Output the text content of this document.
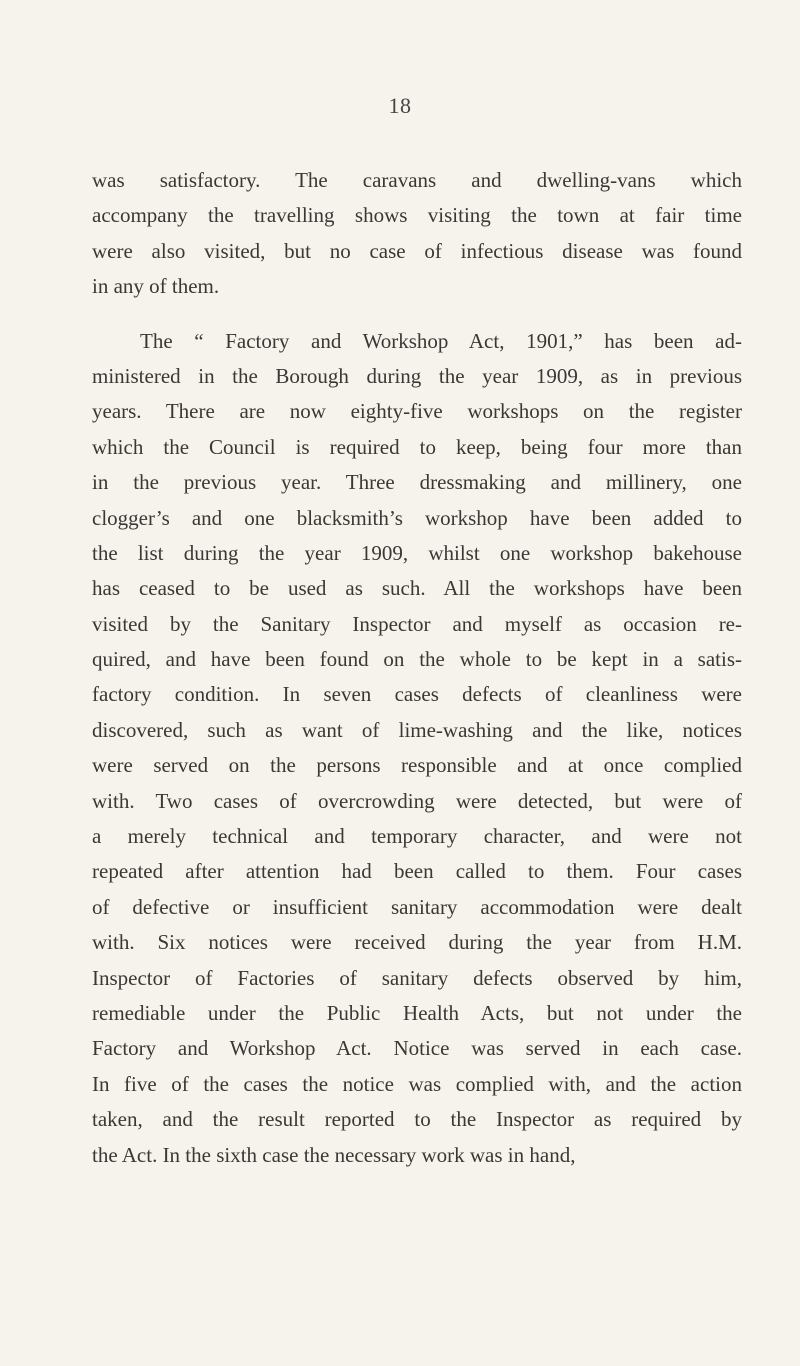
18
was satisfactory. The caravans and dwelling-vans which
accompany the travelling shows visiting the town at fair time
were also visited, but no case of infectious disease was found
in any of them.
The “ Factory and Workshop Act, 1901,” has been ad-
ministered in the Borough during the year 1909, as in previous
years. There are now eighty-five workshops on the register
which the Council is required to keep, being four more than
in the previous year. Three dressmaking and millinery, one
clogger’s and one blacksmith’s workshop have been added to
the list during the year 1909, whilst one workshop bakehouse
has ceased to be used as such. All the workshops have been
visited by the Sanitary Inspector and myself as occasion re-
quired, and have been found on the whole to be kept in a satis-
factory condition. In seven cases defects of cleanliness were
discovered, such as want of lime-washing and the like, notices
were served on the persons responsible and at once complied
with. Two cases of overcrowding were detected, but were of
a merely technical and temporary character, and were not
repeated after attention had been called to them. Four cases
of defective or insufficient sanitary accommodation were dealt
with. Six notices were received during the year from H.M.
Inspector of Factories of sanitary defects observed by him,
remediable under the Public Health Acts, but not under the
Factory and Workshop Act. Notice was served in each case.
In five of the cases the notice was complied with, and the action
taken, and the result reported to the Inspector as required by
the Act. In the sixth case the necessary work was in hand,
